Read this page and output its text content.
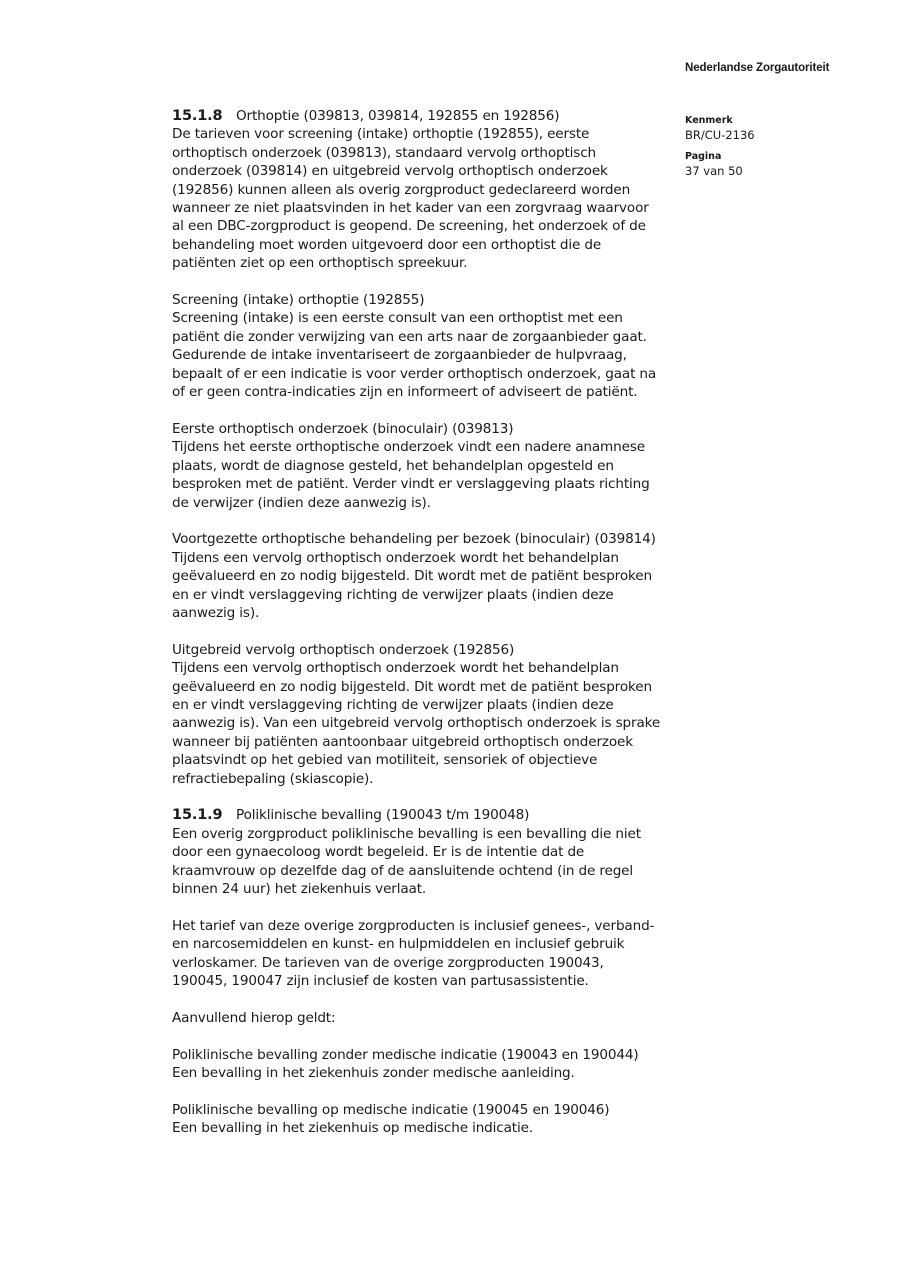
Nederlandse Zorgautoriteit
Kenmerk
BR/CU-2136
Pagina
37 van 50

15.1.8 Orthoptie (039813, 039814, 192855 en 192856)
De tarieven voor screening (intake) orthoptie (192855), eerste
orthoptisch onderzoek (039813), standaard vervolg orthoptisch
onderzoek (039814) en uitgebreid vervolg orthoptisch onderzoek
(192856) kunnen alleen als overig zorgproduct gedeclareerd worden
wanneer ze niet plaatsvinden in het kader van een zorgvraag waarvoor
al een DBC-zorgproduct is geopend. De screening, het onderzoek of de
behandeling moet worden uitgevoerd door een orthoptist die de
patiënten ziet op een orthoptisch spreekuur.

Screening (intake) orthoptie (192855)
Screening (intake) is een eerste consult van een orthoptist met een
patiënt die zonder verwijzing van een arts naar de zorgaanbieder gaat.
Gedurende de intake inventariseert de zorgaanbieder de hulpvraag,
bepaalt of er een indicatie is voor verder orthoptisch onderzoek, gaat na
of er geen contra-indicaties zijn en informeert of adviseert de patiënt.

Eerste orthoptisch onderzoek (binoculair) (039813)
Tijdens het eerste orthoptische onderzoek vindt een nadere anamnese
plaats, wordt de diagnose gesteld, het behandelplan opgesteld en
besproken met de patiënt. Verder vindt er verslaggeving plaats richting
de verwijzer (indien deze aanwezig is).

Voortgezette orthoptische behandeling per bezoek (binoculair) (039814)
Tijdens een vervolg orthoptisch onderzoek wordt het behandelplan
geëvalueerd en zo nodig bijgesteld. Dit wordt met de patiënt besproken
en er vindt verslaggeving richting de verwijzer plaats (indien deze
aanwezig is).

Uitgebreid vervolg orthoptisch onderzoek (192856)
Tijdens een vervolg orthoptisch onderzoek wordt het behandelplan
geëvalueerd en zo nodig bijgesteld. Dit wordt met de patiënt besproken
en er vindt verslaggeving richting de verwijzer plaats (indien deze
aanwezig is). Van een uitgebreid vervolg orthoptisch onderzoek is sprake
wanneer bij patiënten aantoonbaar uitgebreid orthoptisch onderzoek
plaatsvindt op het gebied van motiliteit, sensoriek of objectieve
refractiebepaling (skiascopie).

15.1.9 Poliklinische bevalling (190043 t/m 190048)
Een overig zorgproduct poliklinische bevalling is een bevalling die niet
door een gynaecoloog wordt begeleid. Er is de intentie dat de
kraamvrouw op dezelfde dag of de aansluitende ochtend (in de regel
binnen 24 uur) het ziekenhuis verlaat.

Het tarief van deze overige zorgproducten is inclusief genees-, verband-
en narcosemiddelen en kunst- en hulpmiddelen en inclusief gebruik
verloskamer. De tarieven van de overige zorgproducten 190043,
190045, 190047 zijn inclusief de kosten van partusassistentie.

Aanvullend hierop geldt:

Poliklinische bevalling zonder medische indicatie (190043 en 190044)
Een bevalling in het ziekenhuis zonder medische aanleiding.

Poliklinische bevalling op medische indicatie (190045 en 190046)
Een bevalling in het ziekenhuis op medische indicatie.
